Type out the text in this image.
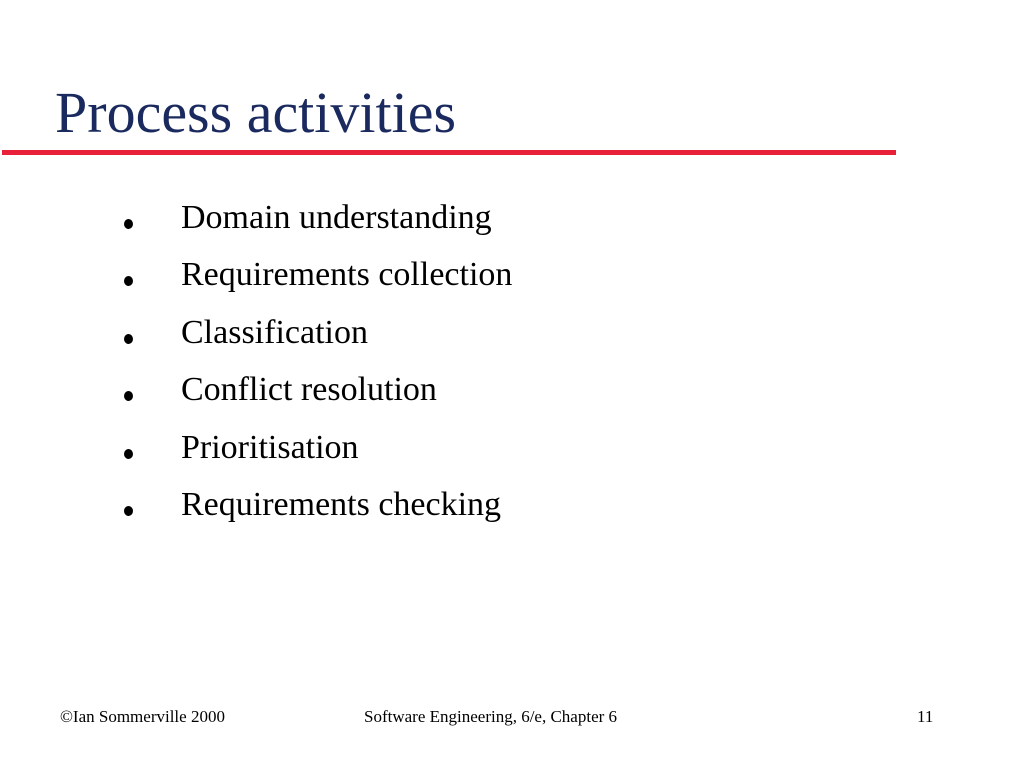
Process activities
Domain understanding
Requirements collection
Classification
Conflict resolution
Prioritisation
Requirements checking
©Ian Sommerville 2000	Software Engineering, 6/e, Chapter 6	11
